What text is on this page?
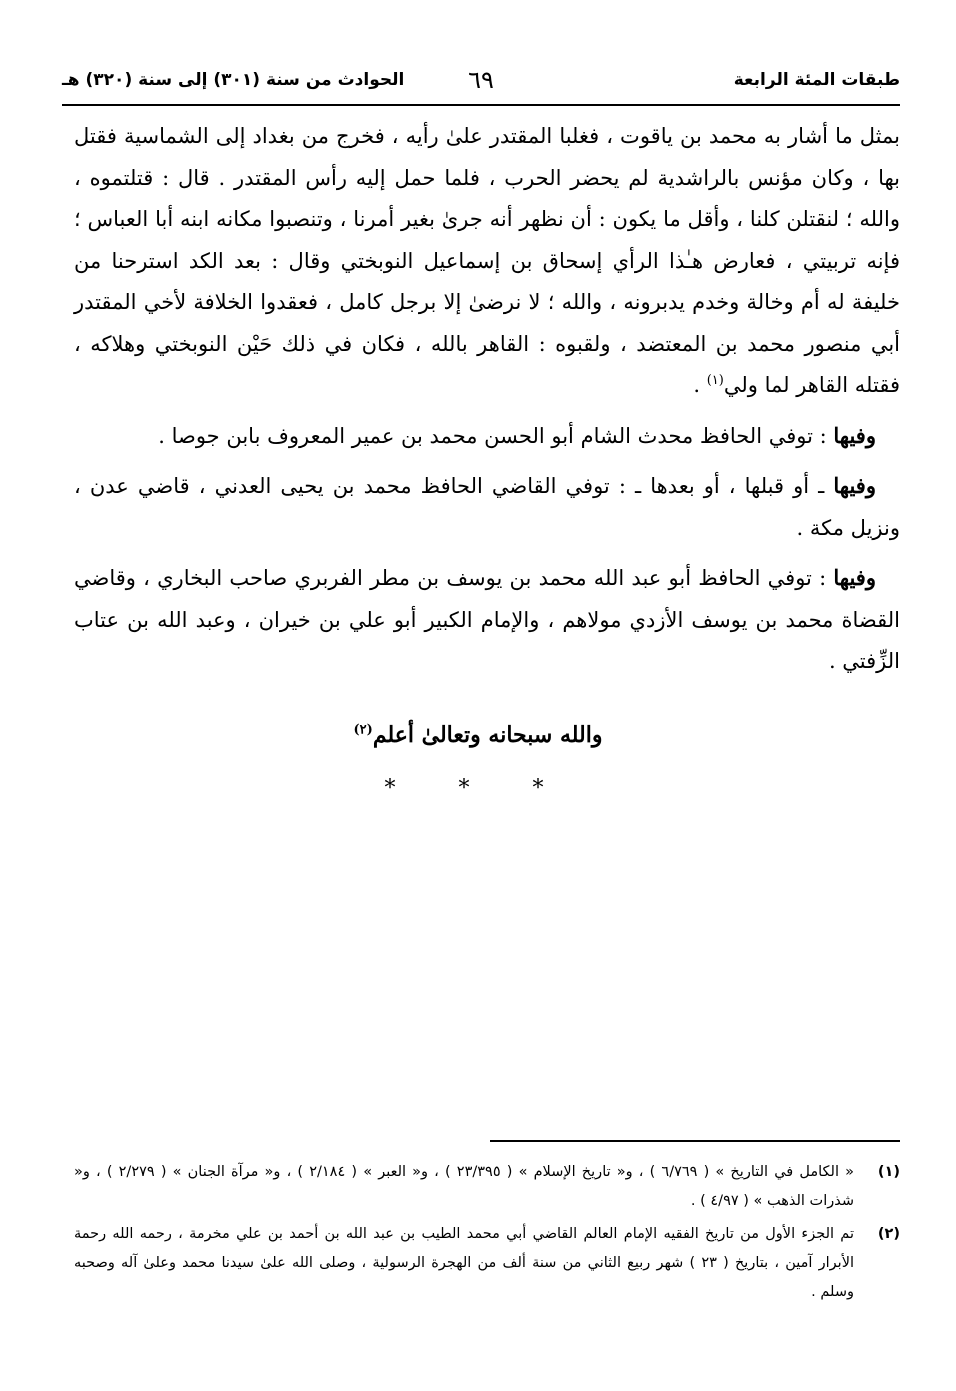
طبقات المئة الرابعة
٦٩
الحوادث من سنة (٣٠١) إلى سنة (٣٢٠) هـ

بمثل ما أشار به محمد بن ياقوت ، فغلبا المقتدر علىٰ رأيه ، فخرج من بغداد إلى الشماسية فقتل بها ، وكان مؤنس بالراشدية لم يحضر الحرب ، فلما حمل إليه رأس المقتدر . قال : قتلتموه ، والله ؛ لنقتلن كلنا ، وأقل ما يكون : أن نظهر أنه جرىٰ بغير أمرنا ، وتنصبوا مكانه ابنه أبا العباس ؛ فإنه تربيتي ، فعارض هـٰذا الرأي إسحاق بن إسماعيل النوبختي وقال : بعد الكد استرحنا من خليفة له أم وخالة وخدم يدبرونه ، والله ؛ لا نرضىٰ إلا برجل كامل ، فعقدوا الخلافة لأخي المقتدر أبي منصور محمد بن المعتضد ، ولقبوه : القاهر بالله ، فكان في ذلك حَيْن النوبختي وهلاكه ، فقتله القاهر لما ولي$^{(١)}$ .

وفيها : توفي الحافظ محدث الشام أبو الحسن محمد بن عمير المعروف بابن جوصا .

وفيها ـ أو قبلها ، أو بعدها ـ : توفي القاضي الحافظ محمد بن يحيى العدني ، قاضي عدن ، ونزيل مكة .

وفيها : توفي الحافظ أبو عبد الله محمد بن يوسف بن مطر الفربري صاحب البخاري ، وقاضي القضاة محمد بن يوسف الأزدي مولاهم ، والإمام الكبير أبو علي بن خيران ، وعبد الله بن عتاب الزِّفتي .

والله سبحانه وتعالىٰ أعلم$^{(٢)}$
* * *
(١)
« الكامل في التاريخ » ( ٦/٧٦٩ ) ، و« تاريخ الإسلام » ( ٢٣/٣٩٥ ) ، و« العبر » ( ٢/١٨٤ ) ، و« مرآة الجنان » ( ٢/٢٧٩ ) ، و« شذرات الذهب » ( ٤/٩٧ ) .
(٢)
تم الجزء الأول من تاريخ الفقيه الإمام العالم القاضي أبي محمد الطيب بن عبد الله بن أحمد بن علي مخرمة ، رحمه الله رحمة الأبرار آمين ، بتاريخ ( ٢٣ ) شهر ربيع الثاني من سنة ألف من الهجرة الرسولية ، وصلى الله علىٰ سيدنا محمد وعلىٰ آله وصحبه وسلم .
